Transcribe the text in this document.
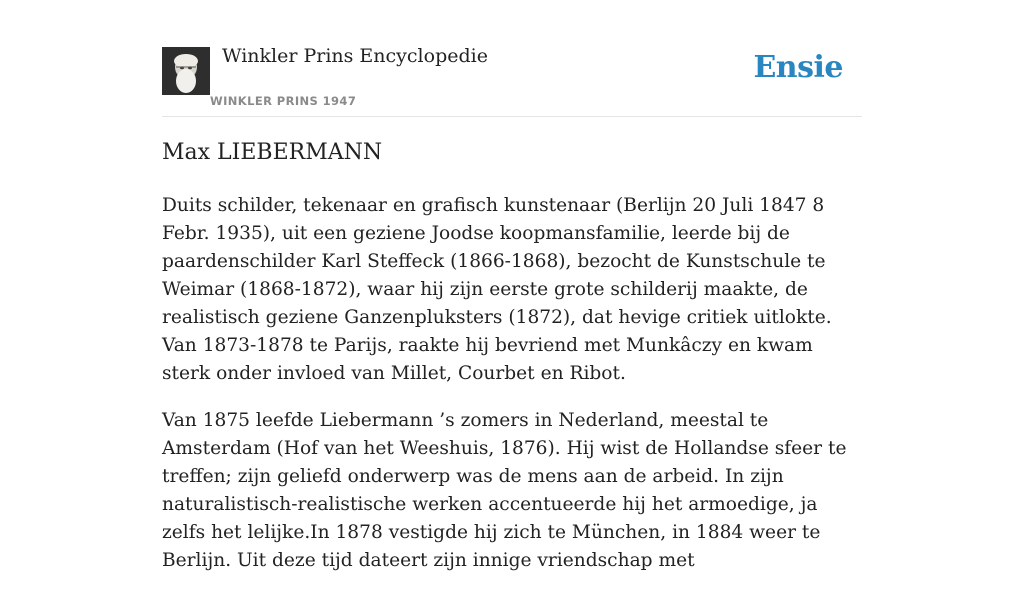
Winkler Prins Encyclopedie
WINKLER PRINS 1947
Ensie
Max LIEBERMANN

Duits schilder, tekenaar en grafisch kunstenaar (Berlijn 20 Juli 1847 8 Febr. 1935), uit een geziene Joodse koopmansfamilie, leerde bij de paardenschilder Karl Steffeck (1866-1868), bezocht de Kunstschule te Weimar (1868-1872), waar hij zijn eerste grote schilderij maakte, de realistisch geziene Ganzenpluksters (1872), dat hevige critiek uitlokte. Van 1873-1878 te Parijs, raakte hij bevriend met Munkâczy en kwam sterk onder invloed van Millet, Courbet en Ribot.

Van 1875 leefde Liebermann ’s zomers in Nederland, meestal te Amsterdam (Hof van het Weeshuis, 1876). Hij wist de Hollandse sfeer te treffen; zijn geliefd onderwerp was de mens aan de arbeid. In zijn naturalistisch-realistische werken accentueerde hij het armoedige, ja zelfs het lelijke.In 1878 vestigde hij zich te München, in 1884 weer te Berlijn. Uit deze tijd dateert zijn innige vriendschap met
